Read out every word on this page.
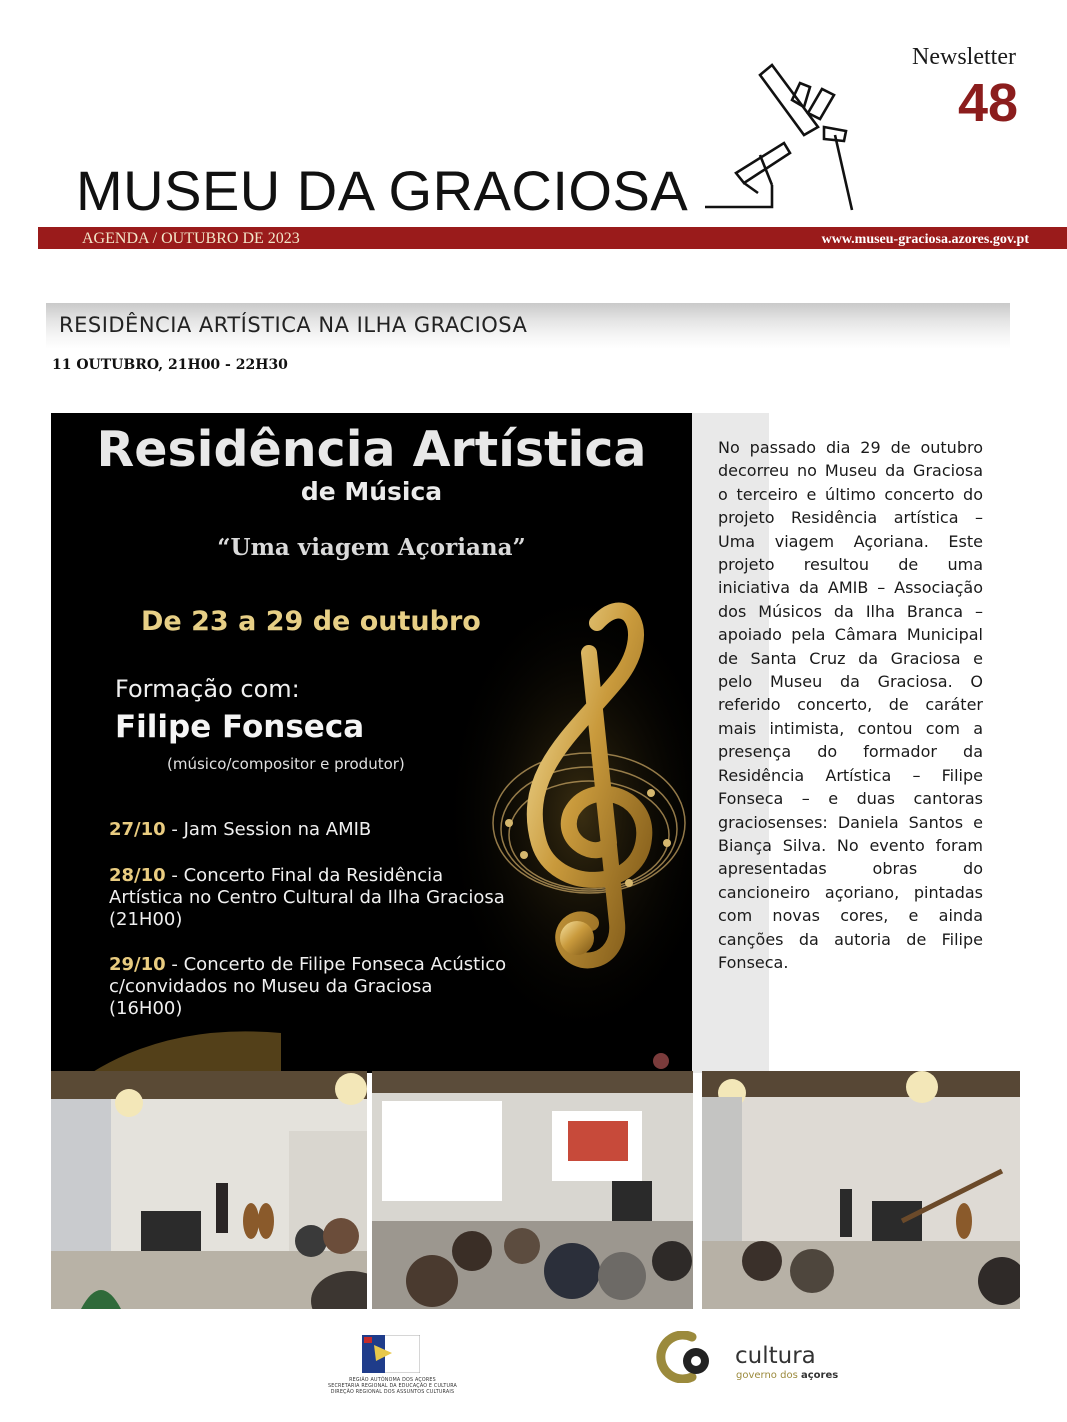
Newsletter
48
MUSEU DA GRACIOSA
AGENDA / OUTUBRO DE 2023	www.museu-graciosa.azores.gov.pt
RESIDÊNCIA ARTÍSTICA NA ILHA GRACIOSA
11 OUTUBRO, 21H00 - 22H30
Residência Artística
de Música
“Uma viagem Açoriana”
De 23 a 29 de outubro
Formação com:
Filipe Fonseca
(músico/compositor e produtor)
27/10 - Jam Session na AMIB
28/10 - Concerto Final da Residência Artística no Centro Cultural da Ilha Graciosa (21H00)
29/10 - Concerto de Filipe Fonseca Acústico c/convidados no Museu da Graciosa (16H00)

No passado dia 29 de outubro decorreu no Museu da Graciosa o terceiro e último concerto do projeto Residência artística – Uma viagem Açoriana. Este projeto resultou de uma iniciativa da AMIB – Associação dos Músicos da Ilha Branca – apoiado pela Câmara Municipal de Santa Cruz da Graciosa e pelo Museu da Graciosa. O referido concerto, de caráter mais intimista, contou com a presença do formador da Residência Artística – Filipe Fonseca – e duas cantoras graciosenses: Daniela Santos e Biança Silva. No evento foram apresentadas obras do cancioneiro açoriano, pintadas com novas cores, e ainda canções da autoria de Filipe Fonseca.

REGIÃO AUTÓNOMA DOS AÇORES
SECRETARIA REGIONAL DA EDUCAÇÃO E CULTURA
DIREÇÃO REGIONAL DOS ASSUNTOS CULTURAIS
cultura
governo dos açores
